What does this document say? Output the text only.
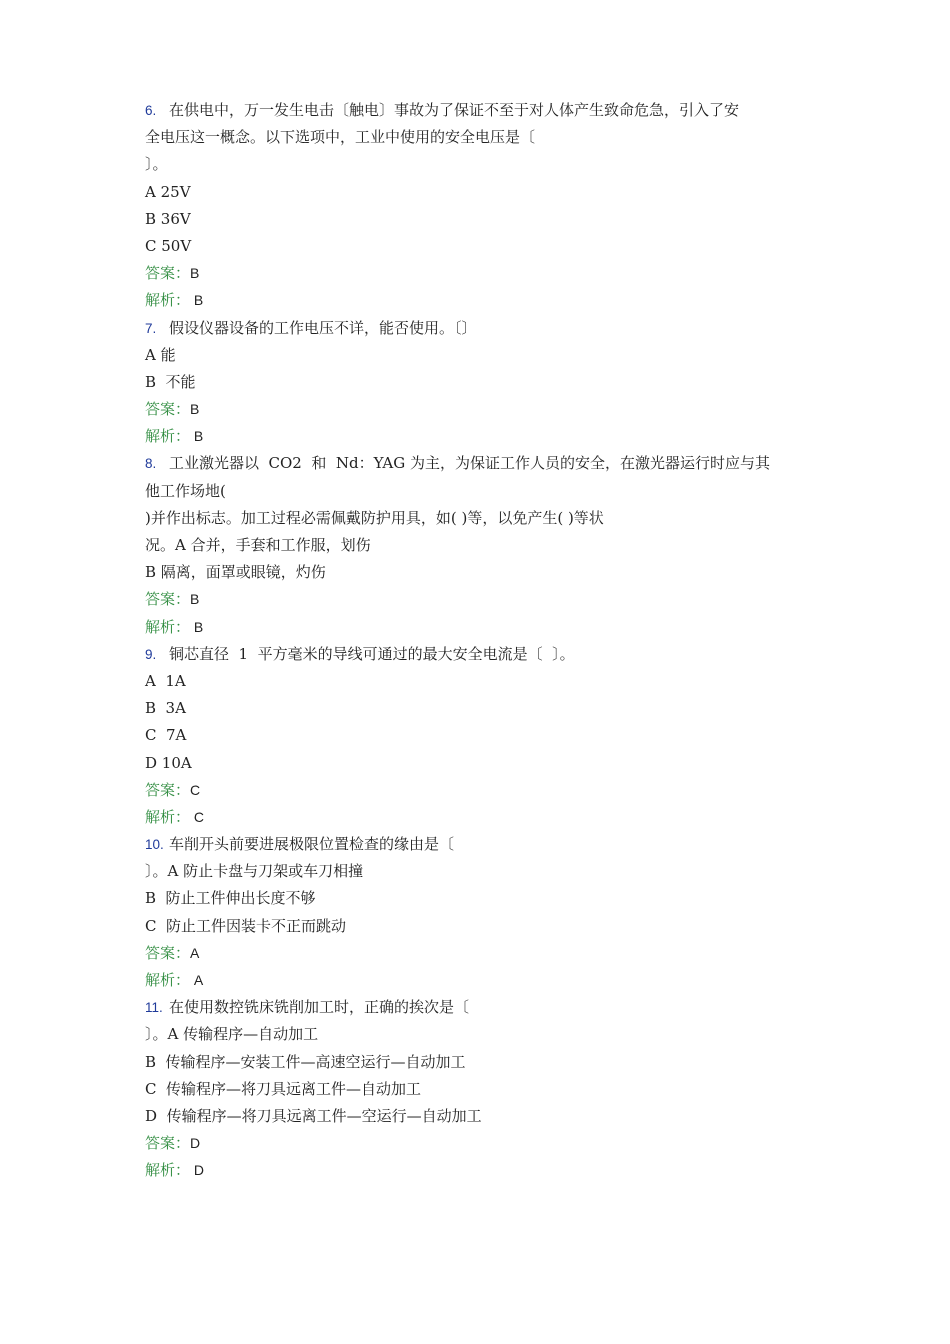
6. 在供电中，万一发生电击〔触电〕事故为了保证不至于对人体产生致命危急，引入了安
全电压这一概念。以下选项中，工业中使用的安全电压是〔
〕。
A 25V
B 36V
C 50V
答案：B
解析： B
7. 假设仪器设备的工作电压不详，能否使用。〔〕
A 能
B  不能
答案：B
解析： B
8. 工业激光器以  CO2  和  Nd：YAG 为主，为保证工作人员的安全，在激光器运行时应与其
他工作场地(
)并作出标志。加工过程必需佩戴防护用具，如( )等，以免产生( )等状
况。A 合并，手套和工作服，划伤
B 隔离，面罩或眼镜，灼伤
答案：B
解析： B
9. 铜芯直径  1  平方毫米的导线可通过的最大安全电流是〔  〕。
A  1A
B  3A
C  7A
D 10A
答案：C
解析： C
10. 车削开头前要进展极限位置检查的缘由是〔
〕。A 防止卡盘与刀架或车刀相撞
B  防止工件伸出长度不够
C  防止工件因装卡不正而跳动
答案：A
解析： A
11. 在使用数控铣床铣削加工时，正确的挨次是〔
〕。A 传输程序—自动加工
B  传输程序—安装工件—高速空运行—自动加工
C  传输程序—将刀具远离工件—自动加工
D  传输程序—将刀具远离工件—空运行—自动加工
答案：D
解析： D
